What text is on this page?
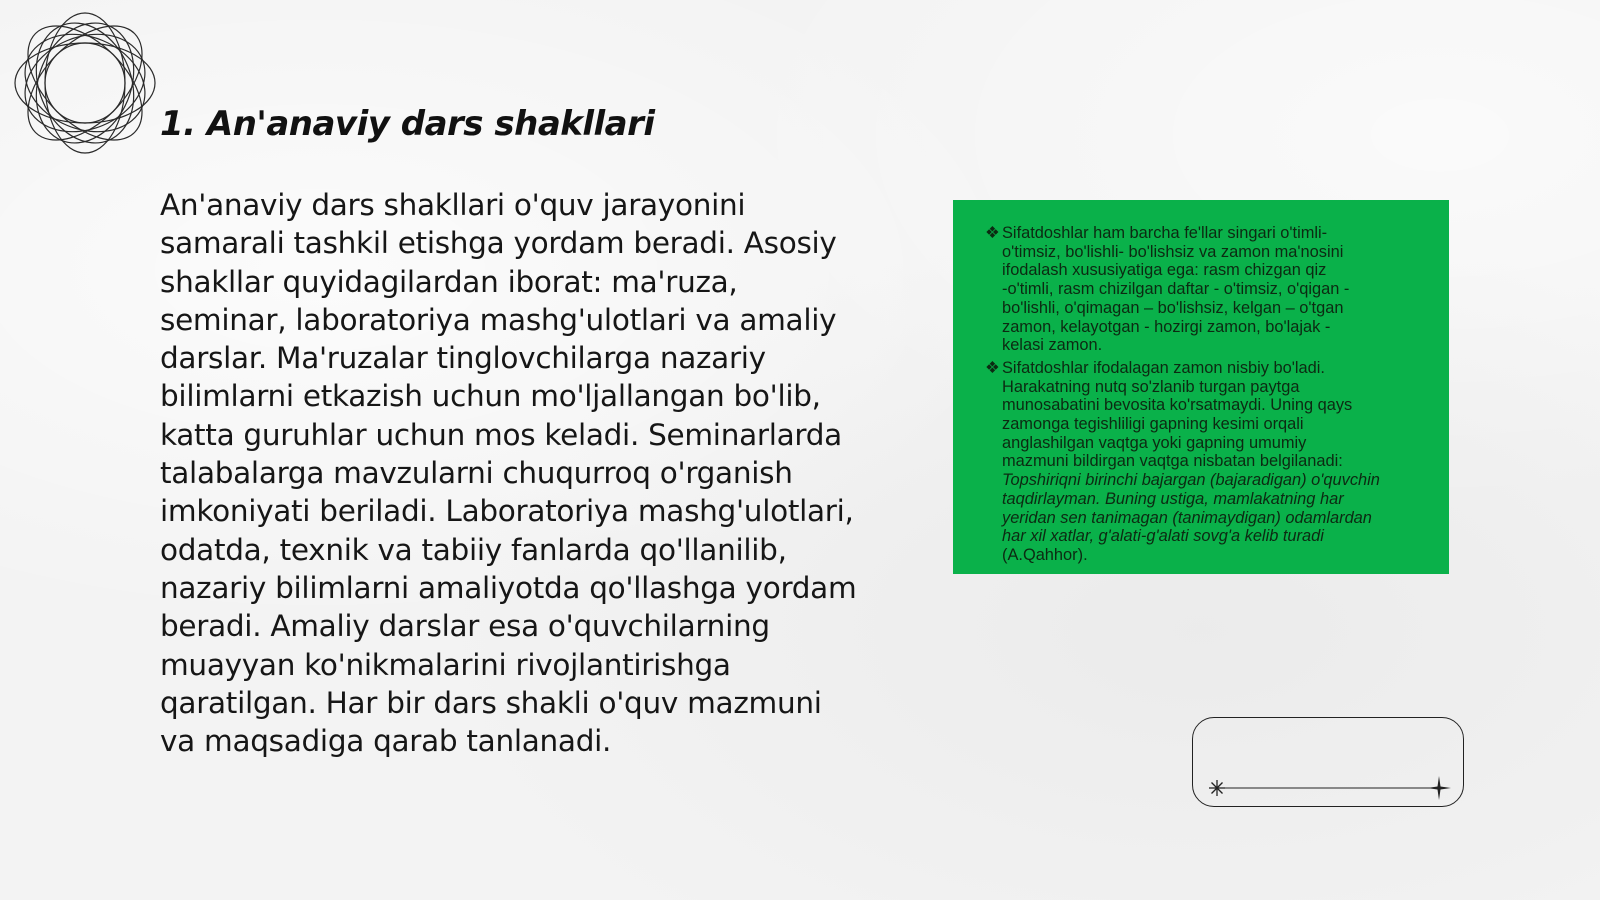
1. An'anaviy dars shakllari

An'anaviy dars shakllari o'quv jarayonini samarali tashkil etishga yordam beradi. Asosiy shakllar quyidagilardan iborat: ma'ruza, seminar, laboratoriya mashg'ulotlari va amaliy darslar. Ma'ruzalar tinglovchilarga nazariy bilimlarni etkazish uchun mo'ljallangan bo'lib, katta guruhlar uchun mos keladi. Seminarlarda talabalarga mavzularni chuqurroq o'rganish imkoniyati beriladi. Laboratoriya mashg'ulotlari, odatda, texnik va tabiiy fanlarda qo'llanilib, nazariy bilimlarni amaliyotda qo'llashga yordam beradi. Amaliy darslar esa o'quvchilarning muayyan ko'nikmalarini rivojlantirishga qaratilgan. Har bir dars shakli o'quv mazmuni va maqsadiga qarab tanlanadi.

❖ Sifatdoshlar ham barcha fe'llar singari o'timli-
o'timsiz, bo'lishli- bo'lishsiz va zamon ma'nosini
ifodalash xususiyatiga ega: rasm chizgan qiz
-o'timli, rasm chizilgan daftar - o'timsiz, o'qigan -
bo'lishli, o'qimagan – bo'lishsiz, kelgan – o'tgan
zamon, kelayotgan - hozirgi zamon, bo'lajak -
kelasi zamon.

❖ Sifatdoshlar ifodalagan zamon nisbiy bo'ladi.
Harakatning nutq so'zlanib turgan paytga
munosabatini bevosita ko'rsatmaydi. Uning qays
zamonga tegishliligi gapning kesimi orqali
anglashilgan vaqtga yoki gapning umumiy
mazmuni bildirgan vaqtga nisbatan belgilanadi:
Topshiriqni birinchi bajargan (bajaradigan) o'quvchin
taqdirlayman. Buning ustiga, mamlakatning har
yeridan sen tanimagan (tanimaydigan) odamlardan
har xil xatlar, g'alati-g'alati sovg'a kelib turadi
(A.Qahhor).
